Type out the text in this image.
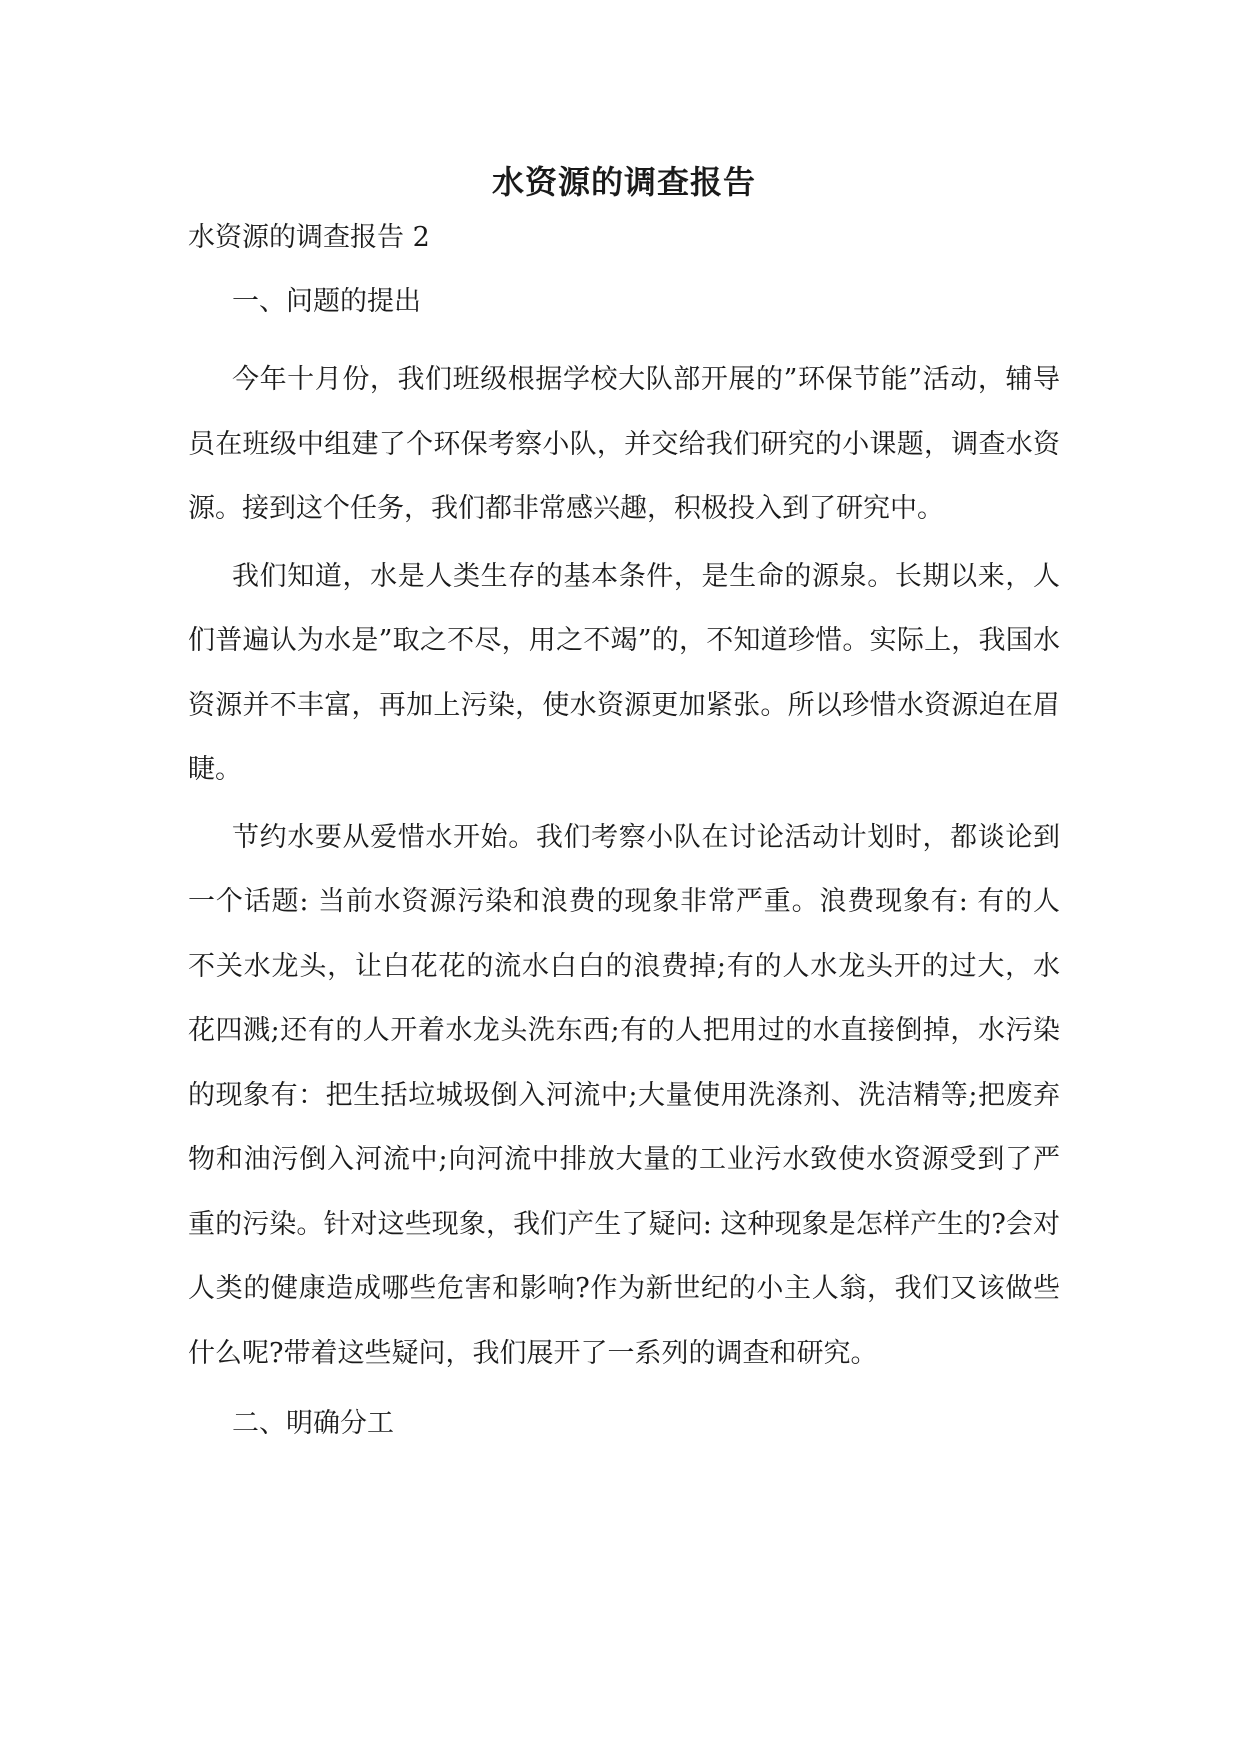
水资源的调查报告
水资源的调查报告 2
一、问题的提出

今年十月份，我们班级根据学校大队部开展的”环保节能”活动，辅导员在班级中组建了个环保考察小队，并交给我们研究的小课题，调查水资源。接到这个任务，我们都非常感兴趣，积极投入到了研究中。

我们知道，水是人类生存的基本条件，是生命的源泉。长期以来，人们普遍认为水是”取之不尽，用之不竭”的，不知道珍惜。实际上，我国水资源并不丰富，再加上污染，使水资源更加紧张。所以珍惜水资源迫在眉睫。

节约水要从爱惜水开始。我们考察小队在讨论活动计划时，都谈论到一个话题: 当前水资源污染和浪费的现象非常严重。浪费现象有: 有的人不关水龙头，让白花花的流水白白的浪费掉;有的人水龙头开的过大，水花四溅;还有的人开着水龙头洗东西;有的人把用过的水直接倒掉，水污染的现象有：把生括垃城圾倒入河流中;大量使用洗涤剂、洗洁精等;把废弃物和油污倒入河流中;向河流中排放大量的工业污水致使水资源受到了严重的污染。针对这些现象，我们产生了疑问: 这种现象是怎样产生的?会对人类的健康造成哪些危害和影响?作为新世纪的小主人翁，我们又该做些什么呢?带着这些疑问，我们展开了一系列的调查和研究。

二、明确分工
